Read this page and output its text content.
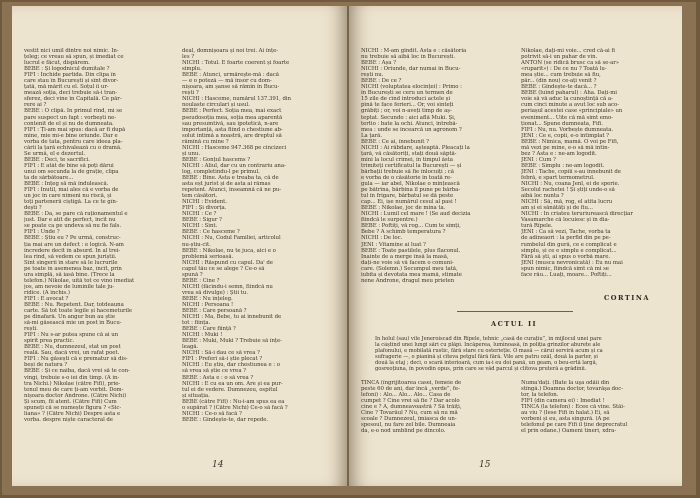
vestit nici umil dintre noi nimic. In-
țeleg; ce vreau să spun, și imediat ce
lucrul e făcut, dispărem.
BEBE : Și logodnicul dumitale ?
FIFI : Inchide partida. Din clipa în
care stau în București și sînt divor-
țată, mă mărit cu el. Soțul îi ur-
mează soția, deci trebuie să-i tran-
sferez, deci vine în Capitală. Ce păr-
rere ai ?
BEBE : O clipă. În primul rînd, mi se
pare suspect un fapt : vorbești ne-
contenit de el și nu de dumneata.
FIFI : Ți-am mai spus: dacă ar fi după
mine, mie mi-e bine oriunde. Dar e
vorba de tata, pentru care ideea pla-
cării la țară echivalează cu o dramă.
Se urmă, el e dezertul.
BEBE : Deci, te sacrifici.
FIFI : E atât de bine să poți dărui
unui om secunda la de grație, clipa
ta de sărbătoare...
BEBE : Înțeg să mă îndulească.
FIFI : Inutil, mai ales că e vorba de
un joc în care nimeni nu riscă, și
toți partenerii cîștigă. La ce te gîn-
dești ?
BEBE : Da, se pare că raționamentul e
just. Dar e atît de perfect, încît nu
se poate ca pe undeva să nu fie fals.
FIFI : Unde ?
BEBE : Știu eu ? Pe urmă, construc-
ția mai are un defect : e logică. N-am
încredere decît în absurd. În al trei-
lea rînd, să vedem ce spun juriștii.
Sînt sîngerii în stare să le lucrurile
pe toate în asemenea baz, încît, prin
ura simplă, să iasă bine. (Trece la
telefon.) Nikolae, uită tot ce vino imediat
jos, am nevoie de luminile tale ju-
ridice. (A închis.)
FIFI : E avocat ?
BEBE : Nu. Repetent. Dar, totdeauna
carte. Să tot toate legile și hacemeturile
pe dinafară. Un angur bun au știe
să-mi găsească mie un post în Bucu-
rești.
FIFI : Nu s-ar putea spune că ai un
spirit prea practic.
BEBE : Nu, dumnezeul, stat un post
reală. Sau, dacă vrei, un rafat poet.
FIFI : Nu găsești că e prematur să dis-
beși de natura ?
BEBE : Și ce naiba, dacă vrei să te con-
vingi, trebuie s-o iei din timp. (A in-
tra Nichi.) Nikolae (către Fifi), prie-
tenul meu de care ți-am vorbit. Dom-
nișoara doctor Androne. (Către Nichi)
Și scum, fii atent. (Către Fifi) Cum
spuneți că se numește figura ? «Sic-
liana» ? (Către Nichi) Despre asta e
vorba. despre niște caracteral de
deal, domnișoara și noi trei. Ai înțe-
les ?
NICHI : Totul. E foarte coerent și foarte
simplu.
BEBE : Atunci, urmărește-mă : dacă
— e o poteză — mă însor cu dom-
nișoara, am șanse să rămîn în Bucu-
rești ?
NICHI : Hasceme, numărul 137.391, din
noulaste circulari și usul.
BEBE : Perfect. Soția mea, mai exact
pseudosoția mea, soția mea aparentă
sau presumtivă, sau ipotetică, n-are
importanță, asta fiind o chestiune ab-
solut intimă a noastră, are dreptul să
rămînă cu mine ?
NICHI : Hasceme 947.368 pe cincizeci
și unu.
BEBE : Gonțul hascems ?
NICHI : Aliul, dar cu un contrariu ana-
log, completindu-l pe primul.
BEBE : Bine. Asta e treaba ta, că de
asta eșt jurist și de asta ai rămas
repetent. Atunci, înseamnă că ne pu-
tem căsători.
NICHI : Evident.
FIFI : Și divorța.
NICHI : Ce ?
BEBE : Sigur ?
NICHI : Sînt.
BEBE : Ce hasceme ?
NICHI : Nu, Codul Familiei, articolul
nu-știu-cît.
BEBE : Nikolae, nu te juca, aici e o
problemă serioasă.
NICHI : Răspund cu capul. Da' de
capul tău ce se alege ? Ce-o să
spună ?
BEBE : Cine ?
NICHI (făcîndu-i semn, fiindcă nu
vrea să divulge) : Știi tu.
BEBE : Nu înțeleg.
NICHI : Persoana !
BEBE : Care persoană ?
NICHI : Ma, Bebe, tu ai înnebunit de
tot : ființa.
BEBE : Care ființă ?
NICHI : Muki !
BEBE : Muki, Muki ? Trebuie să înțe-
leagă.
NICHI : Să-i dau ce să vrea ?
FIFI : Preferi să-i știe plecat ?
NICHI : Eu știu, dar chestiunea e : o
să vrea să știe ce vrea ?
BEBE : Asta e : o să vrea ?
NICHI : E cu ea un om. Are și ea pur-
tul ei de vedere. Dumnezeu, ospitul
și situația.
BEBE (către Fifi) : Nu-i-am spus ea ea
o supărat ? (Către Nichi) Ce-o să facă ?
NICHI : Ce-o să facă ?
BEBE : Gîndește-te, dar repede.
14
NICHI : M-am gîndit. Asta e : căsătoria
nu trebuie să aibă loc în București.
BEBE : Așa ?
NICHI : Oriunde, dar numai în Bucu-
rești nu.
BEBE : De ce ?
NICHI (voluptatea elocinței) : Primo :
în București se ceru un termen de
15 zile de cînd introduci actele și
pînă te face ferieri... Or, voi sînteți
grăbiți ; or, voi n-aveți timp de aș-
teptat. Secundo : aici află Muki. Și,
tertio : bate la ochi. Atunci, întrebă-
mea : unde se încearcă un agronom ?
La țară.
BEBE : Ce ai, înnebunit ?
NICHI : Ai răbdare, așteaptă. Pleacați la
țară, vă căsătoriți, stați două săptă-
mîni la locul crimei, în timpul ăsta
trimiteți certificatul la București — și
bărbații trebuie să fie înlocuiți ; că
e vorba de o căsătorie în toată re-
gula — iar abel, Nikolae o mințească
pe bătrîna, bărbina îl pune pe bărba-
tul în frigare, bărbatul se dă peste
cap... Ei, ișe numărul cesul al pasi !
BEBE : Nikolae, joc de mina ta.
NICHI : Lumil cel mare ! (Se aud decizia
fiindcă le surpentre.)
BEBE : Poftiți, vă rog... Cum te simți,
Bebe ? A schimb temperatura ?
NICHI : De loc.
JENI : Vitamine ai luat ?
BEBE : Toate pastilele, plus flaconul.
Înainte de a merge însă la masă,
dați-ne voie să vă facem o comuni-
care. (Solemn.) Secumpul meu tată,
iubita și devotata mea mamă, stimate
nene Androne, dragul meu prieten
Nikolae, dați-mi voie... cred că-ai fi
potrivit să-i un pahar de vin.
ANTON (se ridică brusc ca să se-ar»
«ruparit») : De ce nu ? Toată lu-
mea știe... cum trebuie să fiu,
păr... (din nou) ce-ați venit ?
BEBE : Gîndește-te dacă... ?
BEBE (luînd paharul) : Aha. Dați-mi
voie să vă aduc la cunoștință că a-
cum cinci minute a avut loc sub aco-
periașul acestei case «principiale» un
eveniment... Uite că mă simt emo-
ționat... Spune dumneata, Fifi.
FIFI : Nu, nu. Vorbește dumneata.
JENI : Ce e, copii, e-o întîmplat ?
BEBE : Nimica, mamă. O voi pe Fifi,
mă vezi pe mine, e-o să mă întîn-
bez ? Asta e : ne-am logodit.
JENI : Cum ?
BEBE : Simplu : ne-am logodit.
JENI : Tache, copiii s-au înnebunit de
febră, e spart termometrul.
NICHI : Nu, coana Jenl, ei de sperie.
Secolul rachetei ! Și știți unde-o să
aibă loc nunta ?
NICHI : Să, mă, rog, el atita lucru
am și ei sănătăți și de fiu...
NICHI : În criateu teruriurească direcțiar
Vasamarche că locuiesc și în dia-
tură Rîpele.
JENI : Ca să vezi, Tache, vorba ta
de adineaori : la perfid din pe pe-
rumbelul din gură, ce e complicat e
simplu, și ce e simplu e complicat...
Fără să ști, ai spus o vorbă mare.
JENI (musca nevronicată) : Eu nu mai
spun nimic, fiindcă simt că mi se
face rău... Luați, moare... Poftiți...
CORTINA
ACTUL II
În holul (sau) vile Jeneroiscad din Rîpele, tehnic „casă de curațiu”, în mijlocul unei pare
la câștind unei lungi sări cu plăpi. Incăperea, luminoasă, în poliția grinzilor aburete ale
plafonului, e mobilată rustic, fără stare cu osterieție. O masă — cărui serviră acum și ca
sufragerie —, o pianină și cîteva petgul fără fără. Vile are patru ozăl, două la parter, și
două la etaj ; deci, o scară interioară, cum ia-i eu doi pană, un geam, o beu-ertă largă,
gosreoțiuna, în povodin opus, prin care se văd parcul și clitova pruteră a grădinii.
TINCA (îngrijitoarea casei, femeie de
peste 60 de ani, dar încă „verde”, fe-
lefoni) : Alo... Alo... Alo... Casa de
cumpet ? Cine vrei să fie ? Dar acolo
cine e ? A, dumneavoastră ? Să trăiți,
Cine ? Tovarăul ? Nu, cum să nu mă
scoale ? Dumnezeul, îmiasca de un-
spesoul, nu fare zel bile. Dumneaia
da, e-o nod umblind pe dincolo.
Numa'dați. (Bate la uşa odăii din
stîngă.) Doamna doctor, tovarăşa doc-
tor, la telefon.
FIFI (din camera ei) : Imediat !
TINCA (la telefon) : Ecee că vine. Stăi-
au viu ? (Iese Fifi în halat.) Ei, să
vorbeni și eu, asta singură. (A pe
telefonul pe care Fifi îl ține deprecratul
el prin odane.) Oameni tineri, xdra-
15
